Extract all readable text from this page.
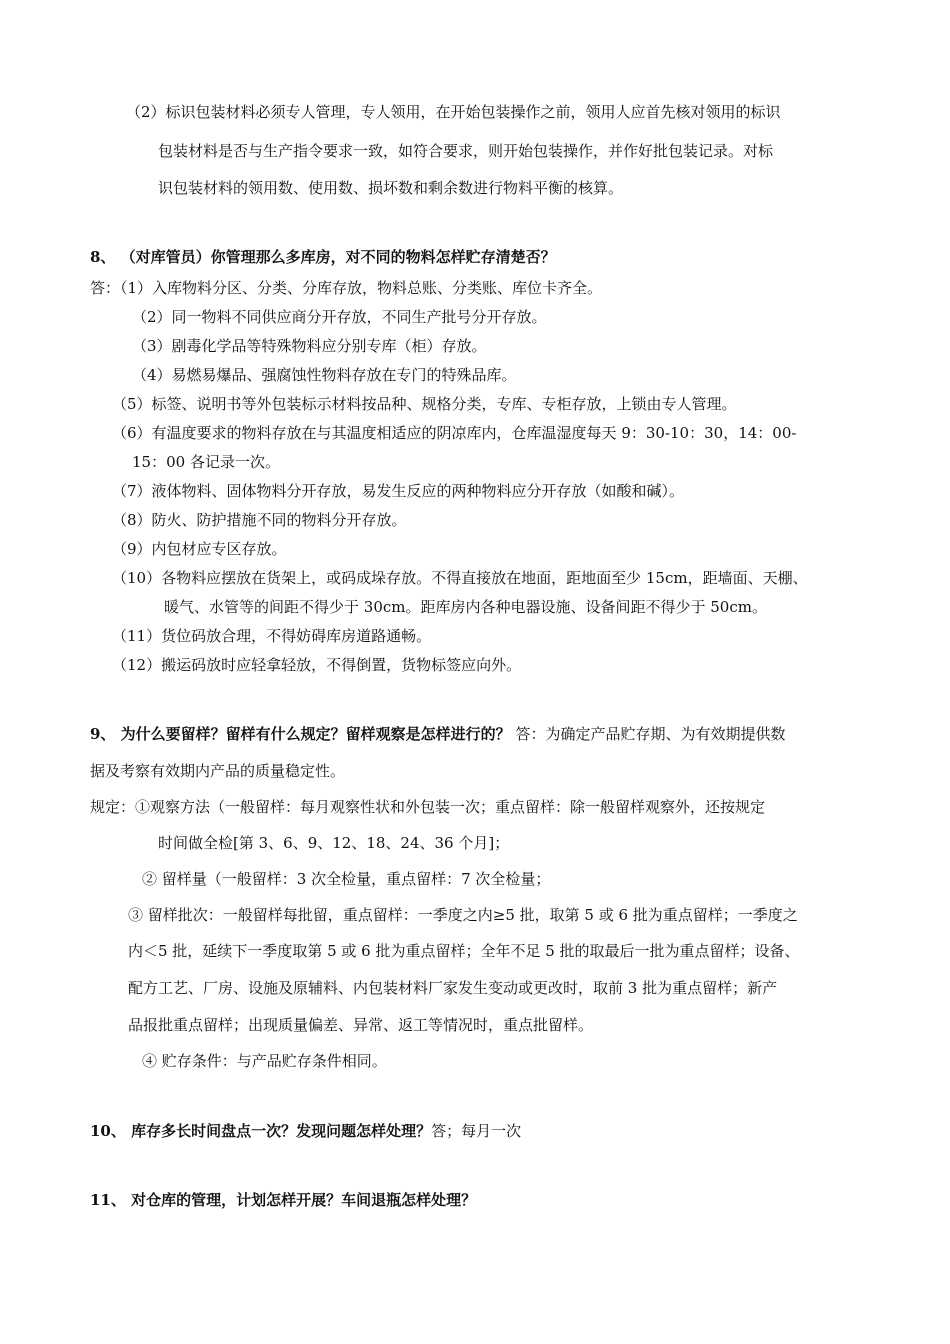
（2）标识包装材料必须专人管理，专人领用，在开始包装操作之前，领用人应首先核对领用的标识
包装材料是否与生产指令要求一致，如符合要求，则开始包装操作，并作好批包装记录。对标
识包装材料的领用数、使用数、损坏数和剩余数进行物料平衡的核算。
8、 （对库管员）你管理那么多库房，对不同的物料怎样贮存清楚否？
答：（1）入库物料分区、分类、分库存放，物料总账、分类账、库位卡齐全。
（2）同一物料不同供应商分开存放，不同生产批号分开存放。
（3）剧毒化学品等特殊物料应分别专库（柜）存放。
（4）易燃易爆品、强腐蚀性物料存放在专门的特殊品库。
（5）标签、说明书等外包装标示材料按品种、规格分类，专库、专柜存放，上锁由专人管理。
（6）有温度要求的物料存放在与其温度相适应的阴凉库内，仓库温湿度每天 9：30-10：30，14：00-
15：00 各记录一次。
（7）液体物料、固体物料分开存放，易发生反应的两种物料应分开存放（如酸和碱）。
（8）防火、防护措施不同的物料分开存放。
（9）内包材应专区存放。
（10）各物料应摆放在货架上，或码成垛存放。不得直接放在地面，距地面至少 15cm，距墙面、天棚、
暖气、水管等的间距不得少于 30cm。距库房内各种电器设施、设备间距不得少于 50cm。
（11）货位码放合理，不得妨碍库房道路通畅。
（12）搬运码放时应轻拿轻放，不得倒置，货物标签应向外。
9、 为什么要留样？留样有什么规定？留样观察是怎样进行的？ 答：为确定产品贮存期、为有效期提供数
据及考察有效期内产品的质量稳定性。
规定：①观察方法（一般留样：每月观察性状和外包装一次；重点留样：除一般留样观察外，还按规定
时间做全检[第 3、6、9、12、18、24、36 个月]；
② 留样量（一般留样：3 次全检量，重点留样：7 次全检量；
③ 留样批次：一般留样每批留，重点留样：一季度之内≥5 批，取第 5 或 6 批为重点留样；一季度之
内＜5 批，延续下一季度取第 5 或 6 批为重点留样；全年不足 5 批的取最后一批为重点留样；设备、
配方工艺、厂房、设施及原辅料、内包装材料厂家发生变动或更改时，取前 3 批为重点留样；新产
品报批重点留样；出现质量偏差、异常、返工等情况时，重点批留样。
④ 贮存条件：与产品贮存条件相同。
10、 库存多长时间盘点一次？发现问题怎样处理？答；每月一次
11、 对仓库的管理，计划怎样开展？车间退瓶怎样处理？
